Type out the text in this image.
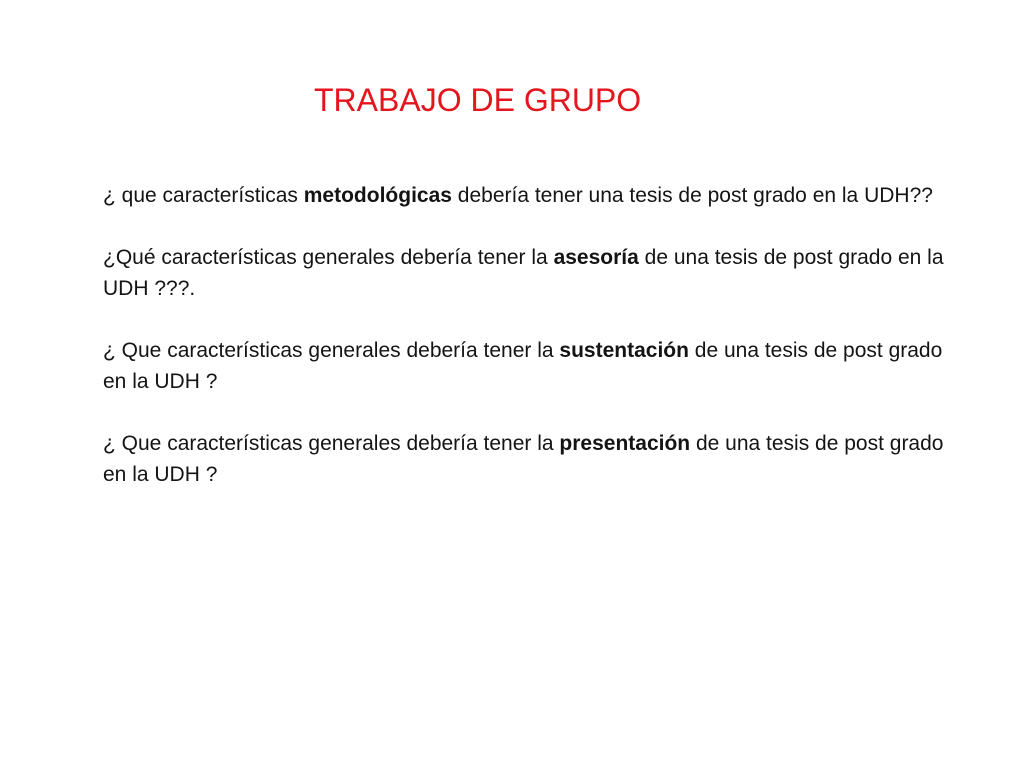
TRABAJO DE GRUPO

¿ que características metodológicas debería tener una tesis de post grado en la UDH??

¿Qué características generales debería tener la asesoría de una tesis de post grado en la UDH ???.

¿ Que características generales debería tener la sustentación de una tesis de post grado en la UDH ?

¿ Que características generales debería tener la presentación de una tesis de post grado en la UDH ?
